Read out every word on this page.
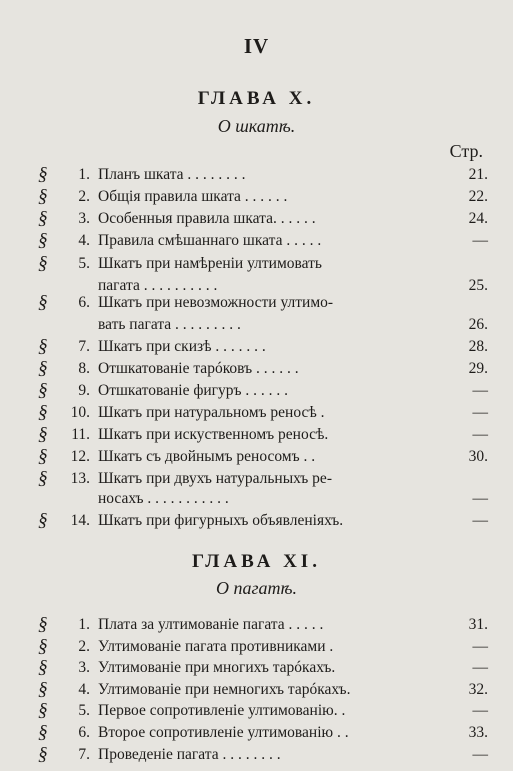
IV
ГЛАВА X.
О шкатѣ.
Стр.
§	1. Планъ шката . . . . . . . .	21.
§	2. Общія правила шката . . . . . .	22.
§	3. Особенныя правила шката. . . . . .	24.
§	4. Правила смѣшаннаго шката . . . . .	—
§	5. Шкатъ при намѣреніи ултимовать
пагата . . . . . . . . . .	25.
§	6. Шкатъ при невозможности ултимо-
вать пагата . . . . . . . . .	26.
§	7. Шкатъ при скизѣ . . . . . . .	28.
§	8. Отшкатованіе тарóковъ . . . . . .	29.
§	9. Отшкатованіе фигуръ . . . . . .	—
§	10. Шкатъ при натуральномъ реносѣ .	—
§	11. Шкатъ при искуственномъ реносѣ.	—
§	12. Шкатъ съ двойнымъ реносомъ . .	30.
§	13. Шкатъ при двухъ натуральныхъ ре-
носахъ . . . . . . . . . . .	—
§	14. Шкатъ при фигурныхъ объявленіяхъ.	—
ГЛАВА XI.
О пагатѣ.
§	1. Плата за ултимованіе пагата . . . . .	31.
§	2. Ултимованіе пагата противниками .	—
§	3. Ултимованіе при многихъ тарóкахъ.	—
§	4. Ултимованіе при немногихъ тарóкахъ.	32.
§	5. Первое сопротивленіе ултимованію. .	—
§	6. Второе сопротивленіе ултимованію . .	33.
§	7. Проведеніе пагата . . . . . . . .	—
